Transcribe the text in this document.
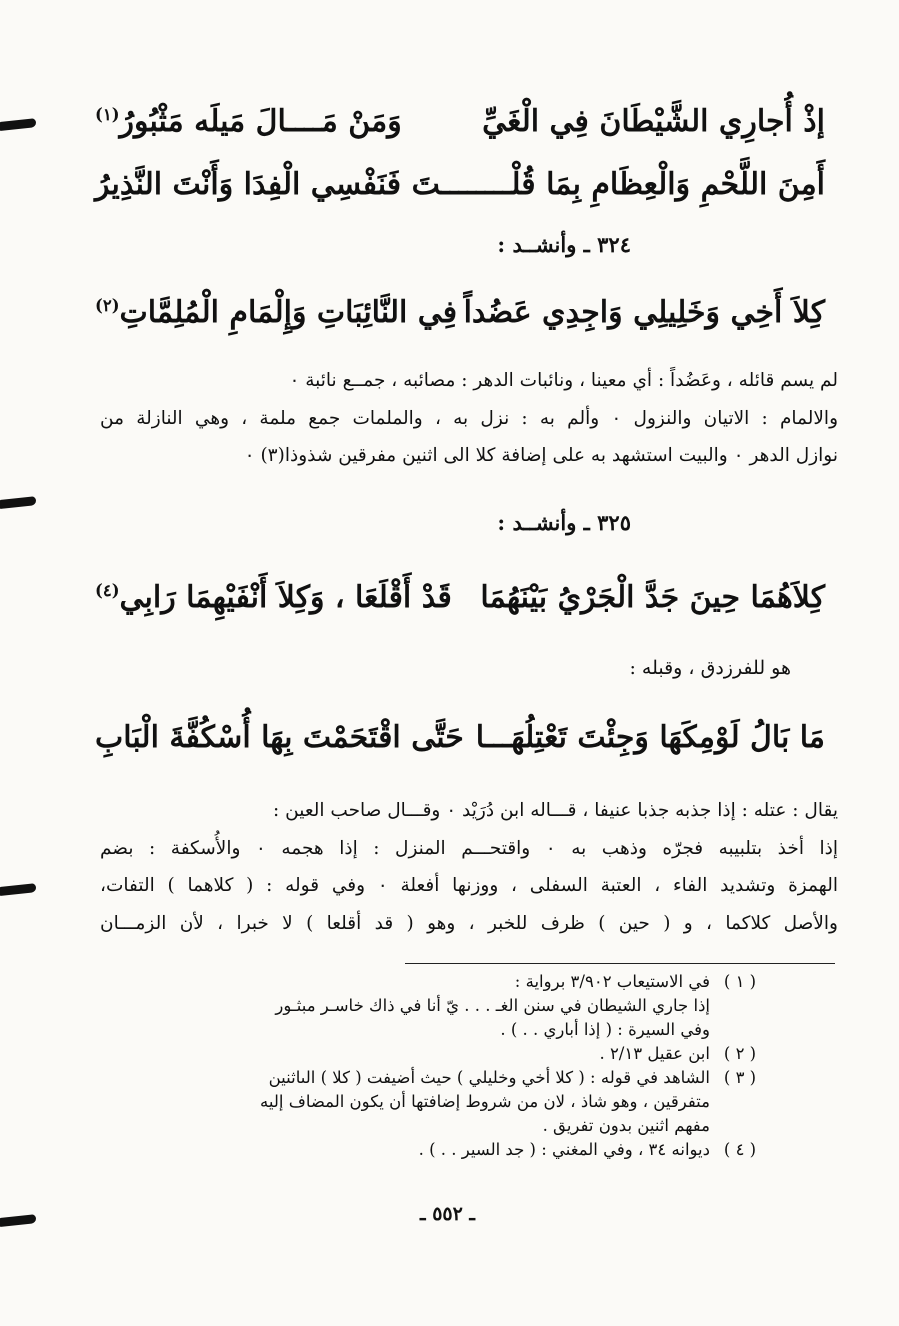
إذْ أُجارِي الشَّيْطَانَ فِي الْغَيِّ
وَمَنْ مَــــالَ مَيلَه مَثْبُورُ$^{(١)}$
أَمِنَ اللَّحْمِ وَالْعِظَامِ بِمَا قُلْـــــــ
ـتَ فَنَفْسِي الْفِدَا وَأَنْتَ النَّذِيرُ
٣٢٤ ـ وأنشــد :
كِلاَ أَخِي وَخَلِيلِي وَاجِدِي عَضُداً
فِي النَّائِبَاتِ وَإِلْمَامِ الْمُلِمَّاتِ$^{(٢)}$
لم يسم قائله ، وعَضُداً : أي معينا ، ونائبات الدهر : مصائبه ، جمــع نائبة ٠
والالمام : الاتيان والنزول ٠ وألم به : نزل به ، والملمات جمع ملمة ، وهي النازلة من
نوازل الدهر ٠ والبيت استشهد به على إضافة كلا الى اثنين مفرقين شذوذا(٣) ٠
٣٢٥ ـ وأنشــد :
كِلاَهُمَا حِينَ جَدَّ الْجَرْيُ بَيْنَهُمَا
قَدْ أَقْلَعَا ، وَكِلاَ أَنْفَيْهِمَا رَابِي$^{(٤)}$
هو للفرزدق ، وقبله :
مَا بَالُ لَوْمِكَهَا وَجِئْتَ تَعْتِلُهَـــا
حَتَّى اقْتَحَمْتَ بِهَا أُسْكُفَّةَ الْبَابِ
يقال : عتله : إذا جذبه جذبا عنيفا ، قـــاله ابن دُرَيْد ٠ وقـــال صاحب العين :
إذا أخذ بتلبيبه فجرّه وذهب به ٠ واقتحـــم المنزل : إذا هجمه ٠ والأُسكفة : بضم
الهمزة وتشديد الفاء ، العتبة السفلى ، ووزنها أفعلة ٠ وفي قوله : ( كلاهما ) التفات،
والأصل كلاكما ، و ( حين ) ظرف للخبر ، وهو ( قد أقلعا ) لا خبرا ، لأن الزمـــان
( ١ )
في الاستيعاب ٣/٩٠٢ برواية :
إذا جاري الشيطان في سنن الغـ . . . يّ أنا في ذاك خاسـر مبثـور
وفي السيرة : ( إذا أباري . . ) .
( ٢ )
ابن عقيل ٢/١٣ .
( ٣ )
الشاهد في قوله : ( كلا أخي وخليلي ) حيث أضيفت ( كلا ) الىاثنين
متفرقين ، وهو شاذ ، لان من شروط إضافتها أن يكون المضاف إليه
مفهم اثنين بدون تفريق .
( ٤ )
ديوانه ٣٤ ، وفي المغني : ( جد السير . . ) .
ـ ٥٥٢ ـ
